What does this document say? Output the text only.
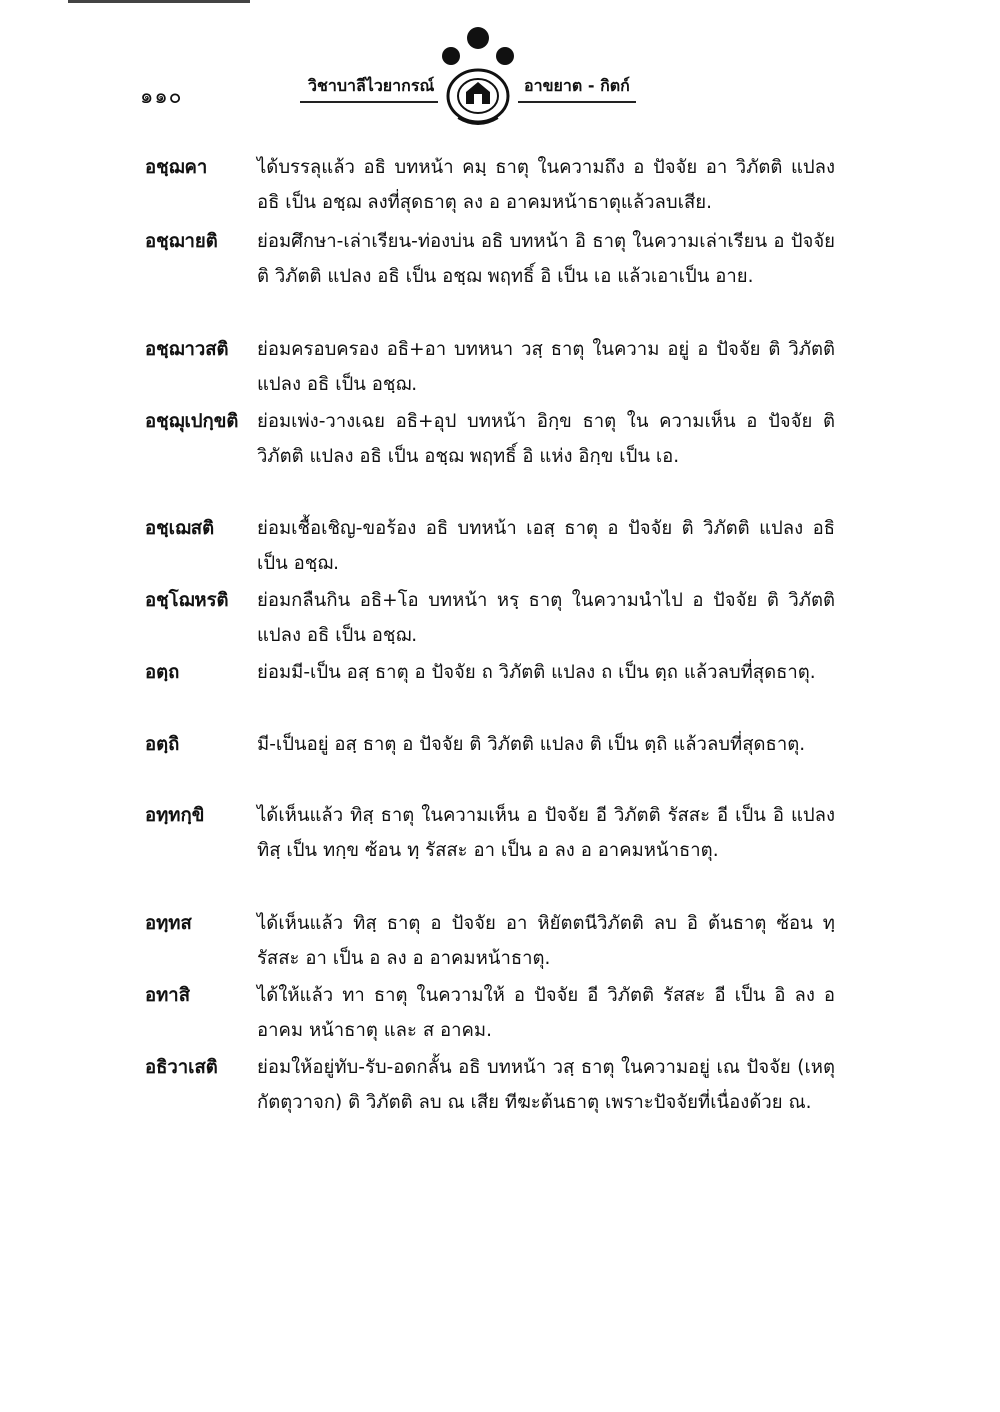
๑๑๐	วิชาบาลีไวยากรณ์	อาขยาต - กิตก์
อชฺฌคา	ได้บรรลุแล้ว อธิ บทหน้า คมฺ ธาตุ ในความถึง อ ปัจจัย อา วิภัตติ แปลง อธิ เป็น อชฺฌ ลงที่สุดธาตุ ลง อ อาคมหน้าธาตุแล้วลบเสีย.
อชฺฌายติ	ย่อมศึกษา-เล่าเรียน-ท่องบ่น อธิ บทหน้า อิ ธาตุ ในความเล่าเรียน อ ปัจจัย ติ วิภัตติ แปลง อธิ เป็น อชฺฌ พฤทธิ์ อิ เป็น เอ แล้วเอาเป็น อาย.
อชฺฌาวสติ	ย่อมครอบครอง อธิ+อา บทหนา วสฺ ธาตุ ในความ อยู่ อ ปัจจัย ติ วิภัตติ แปลง อธิ เป็น อชฺฌ.
อชฺฌุเปกฺขติ	ย่อมเพ่ง-วางเฉย อธิ+อุป บทหน้า อิกฺข ธาตุ ใน ความเห็น อ ปัจจัย ติ วิภัตติ แปลง อธิ เป็น อชฺฌ พฤทธิ์ อิ แห่ง อิกฺข เป็น เอ.
อชฺเฌสติ	ย่อมเชื้อเชิญ-ขอร้อง อธิ บทหน้า เอสฺ ธาตุ อ ปัจจัย ติ วิภัตติ แปลง อธิ เป็น อชฺฌ.
อชฺโฌหรติ	ย่อมกลืนกิน อธิ+โอ บทหน้า หรฺ ธาตุ ในความนำไป อ ปัจจัย ติ วิภัตติ แปลง อธิ เป็น อชฺฌ.
อตฺถ	ย่อมมี-เป็น อสฺ ธาตุ อ ปัจจัย ถ วิภัตติ แปลง ถ เป็น ตฺถ แล้วลบที่สุดธาตุ.
อตฺถิ	มี-เป็นอยู่ อสฺ ธาตุ อ ปัจจัย ติ วิภัตติ แปลง ติ เป็น ตฺถิ แล้วลบที่สุดธาตุ.
อทฺทกฺขิ	ได้เห็นแล้ว ทิสฺ ธาตุ ในความเห็น อ ปัจจัย อี วิภัตติ รัสสะ อี เป็น อิ แปลง ทิสฺ เป็น ทกฺข ซ้อน ทฺ รัสสะ อา เป็น อ ลง อ อาคมหน้าธาตุ.
อทฺทส	ได้เห็นแล้ว ทิสฺ ธาตุ อ ปัจจัย อา หิยัตตนีวิภัตติ ลบ อิ ต้นธาตุ ซ้อน ทฺ รัสสะ อา เป็น อ ลง อ อาคมหน้าธาตุ.
อทาสิ	ได้ให้แล้ว ทา ธาตุ ในความให้ อ ปัจจัย อี วิภัตติ รัสสะ อี เป็น อิ ลง อ อาคม หน้าธาตุ และ ส อาคม.
อธิวาเสติ	ย่อมให้อยู่ทับ-รับ-อดกลั้น อธิ บทหน้า วสฺ ธาตุ ในความอยู่ เณ ปัจจัย (เหตุกัตตุวาจก) ติ วิภัตติ ลบ ณ เสีย ทีฆะต้นธาตุ เพราะปัจจัยที่เนื่องด้วย ณ.
